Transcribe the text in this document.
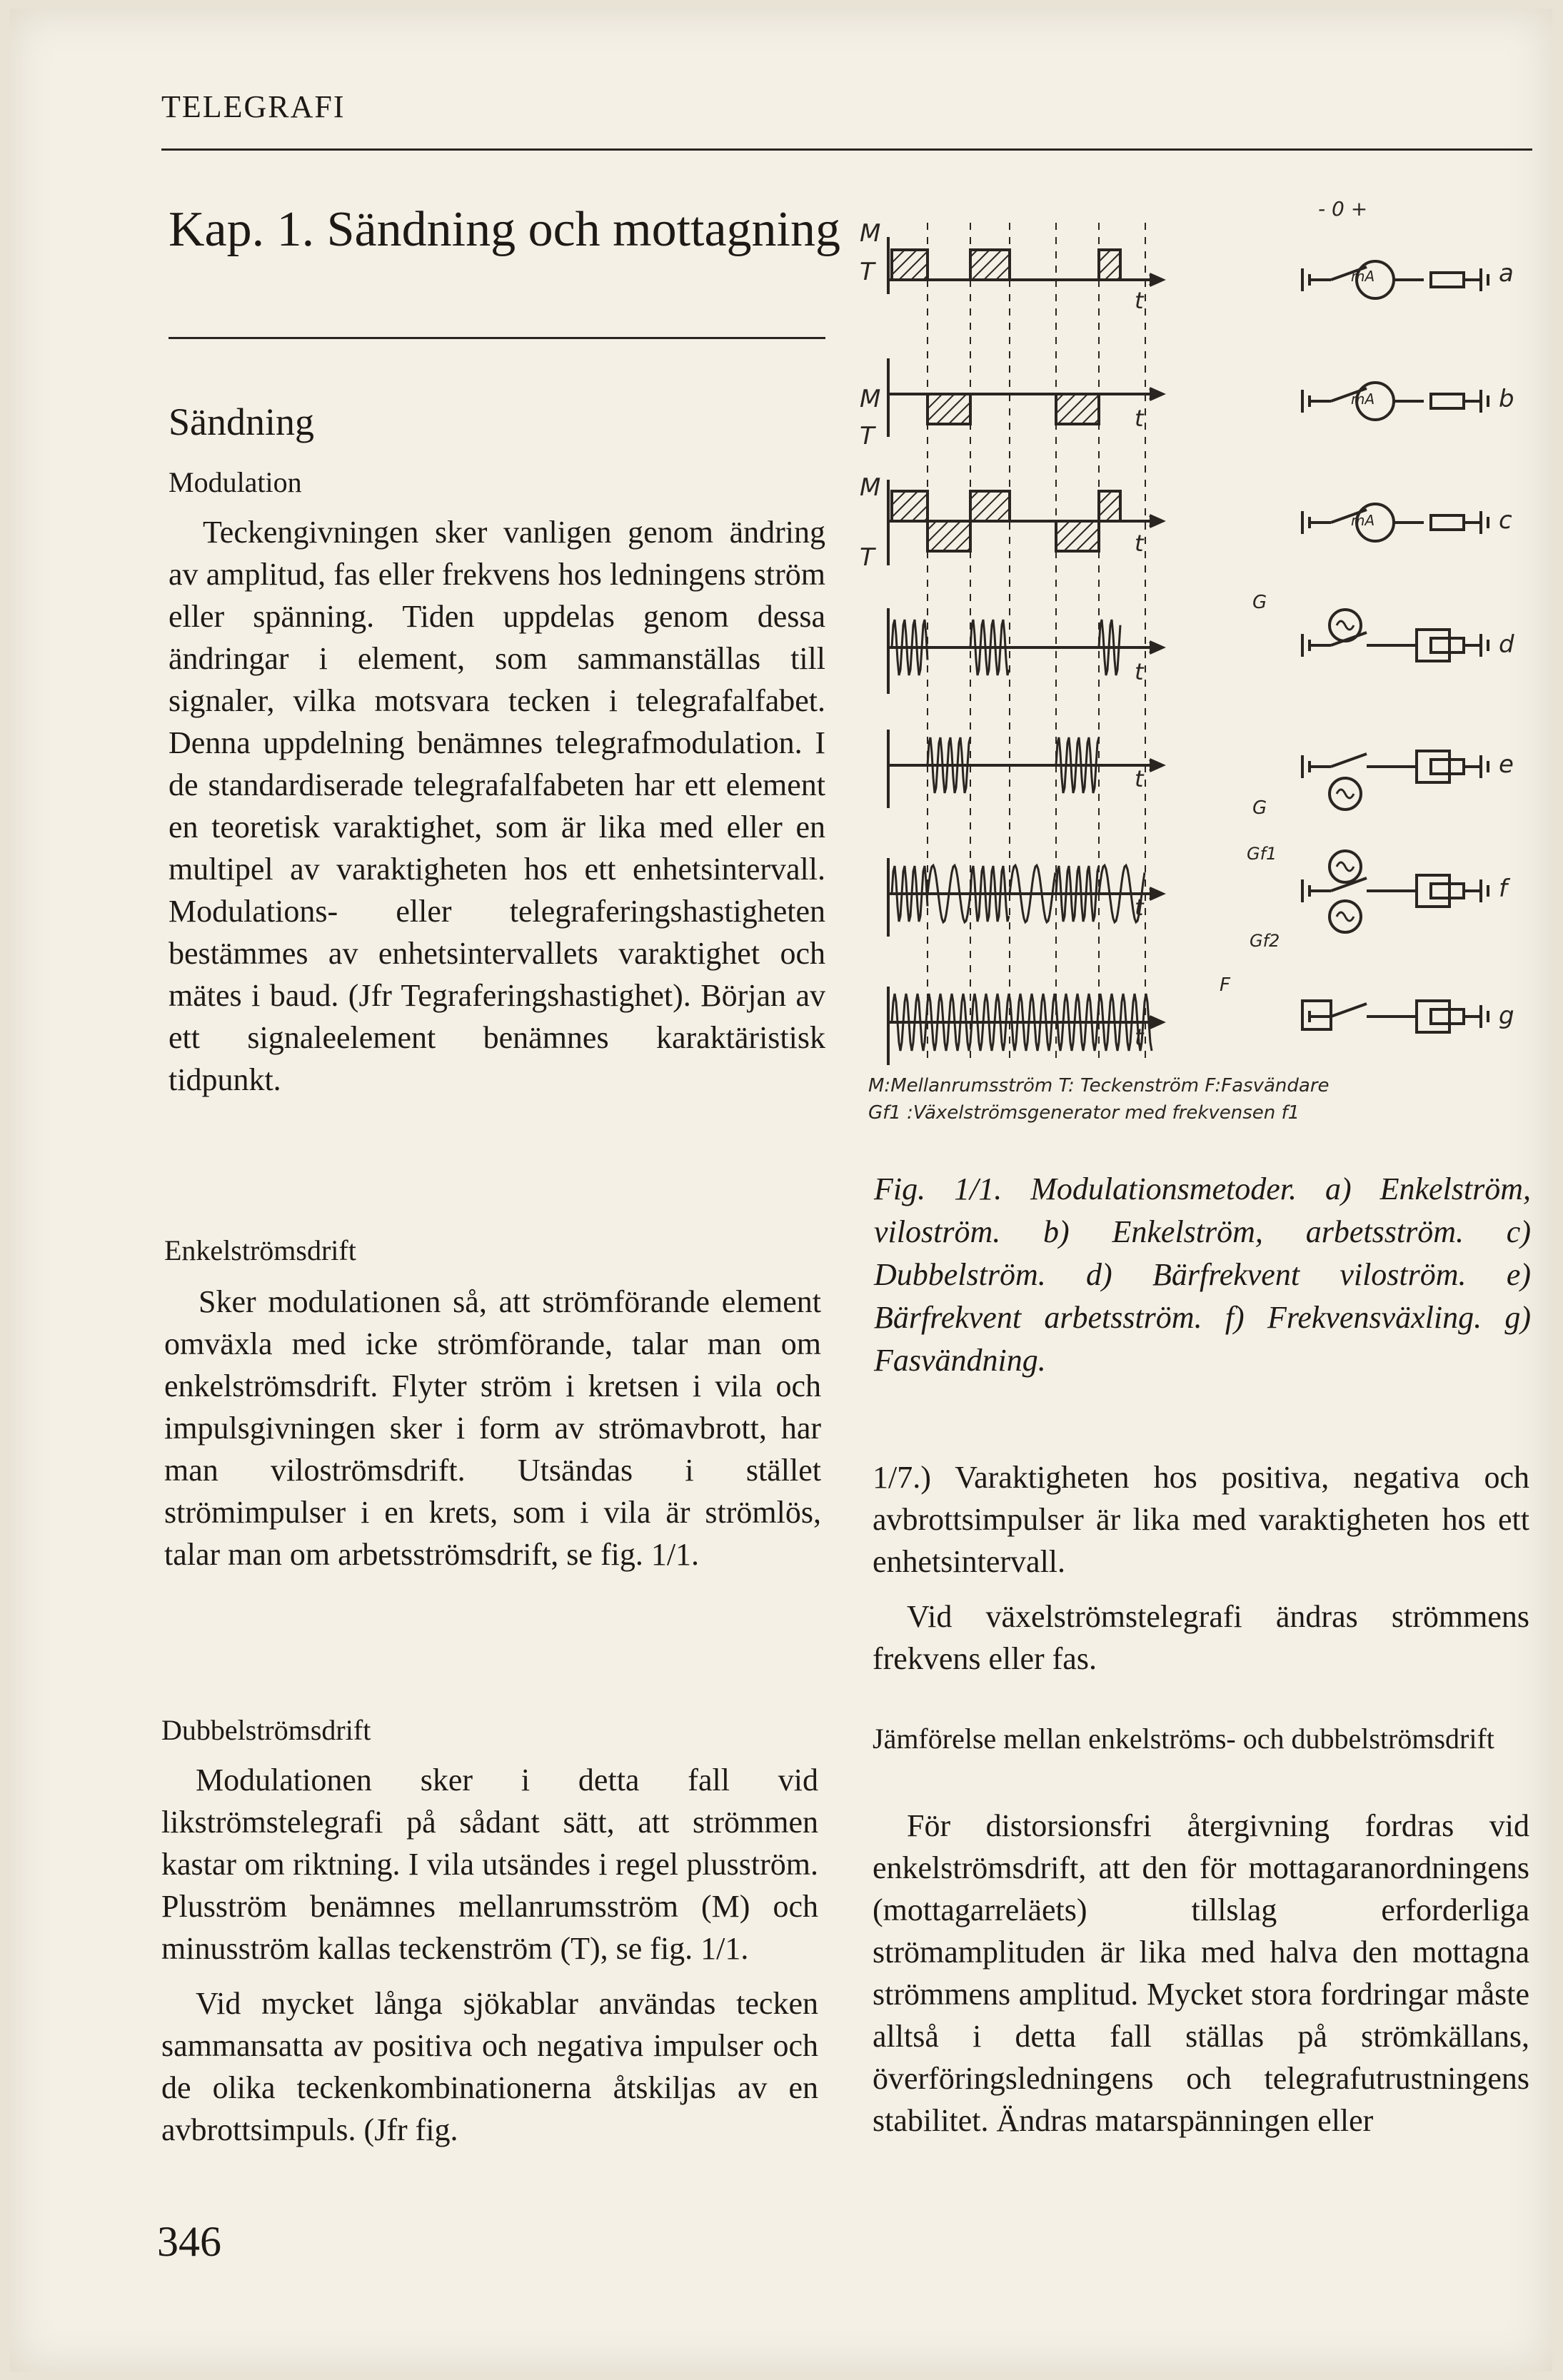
TELEGRAFI
Kap. 1. Sändning och mottagning
Sändning
Modulation

Teckengivningen sker vanligen genom ändring av amplitud, fas eller frekvens hos ledningens ström eller spänning. Tiden uppdelas genom dessa ändringar i element, som sammanställas till signaler, vilka motsvara tecken i telegrafalfabet. Denna uppdelning benämnes telegrafmodulation. I de standardiserade telegrafalfabeten har ett element en teoretisk varaktighet, som är lika med eller en multipel av varaktigheten hos ett enhetsintervall. Modulations- eller telegraferingshastigheten bestämmes av enhetsintervallets varaktighet och mätes i baud. (Jfr Tegraferingshastighet). Början av ett signaleelement benämnes karaktäristisk tidpunkt.

Enkelströmsdrift

Sker modulationen så, att strömförande element omväxla med icke strömförande, talar man om enkelströmsdrift. Flyter ström i kretsen i vila och impulsgivningen sker i form av strömavbrott, har man viloströmsdrift. Utsändas i stället strömimpulser i en krets, som i vila är strömlös, talar man om arbetsströmsdrift, se fig. 1/1.

Dubbelströmsdrift

Modulationen sker i detta fall vid likströmstelegrafi på sådant sätt, att strömmen kastar om riktning. I vila utsändes i regel plusström. Plusström benämnes mellanrumsström (M) och minusström kallas teckenström (T), se fig. 1/1.

Vid mycket långa sjökablar användas tecken sammansatta av positiva och negativa impulser och de olika teckenkombinationerna åtskiljas av en avbrottsimpuls. (Jfr fig.

346
M
T
t
M
T
t
M
T	t
t
t
t
t
- 0 +
a
b
c
d
e
f
g
mA
mA
mA
G
G
Gf1
Gf2
F
M:Mellanrumsström T: Teckenström F:Fasvändare
Gf1 :Växelströmsgenerator med frekvensen f1
Fig. 1/1. Modulationsmetoder. a) Enkelström, viloström. b) Enkelström, arbetsström. c) Dubbelström. d) Bärfrekvent viloström. e) Bärfrekvent arbetsström. f) Frekvensväxling. g) Fasvändning.

1/7.) Varaktigheten hos positiva, negativa och avbrottsimpulser är lika med varaktigheten hos ett enhetsintervall.

Vid växelströmstelegrafi ändras strömmens frekvens eller fas.

Jämförelse mellan enkelströms- och dubbelströmsdrift

För distorsionsfri återgivning fordras vid enkelströmsdrift, att den för mottagaranordningens (mottagarreläets) tillslag erforderliga strömamplituden är lika med halva den mottagna strömmens amplitud. Mycket stora fordringar måste alltså i detta fall ställas på strömkällans, överföringsledningens och telegrafutrustningens stabilitet. Ändras matarspänningen eller
